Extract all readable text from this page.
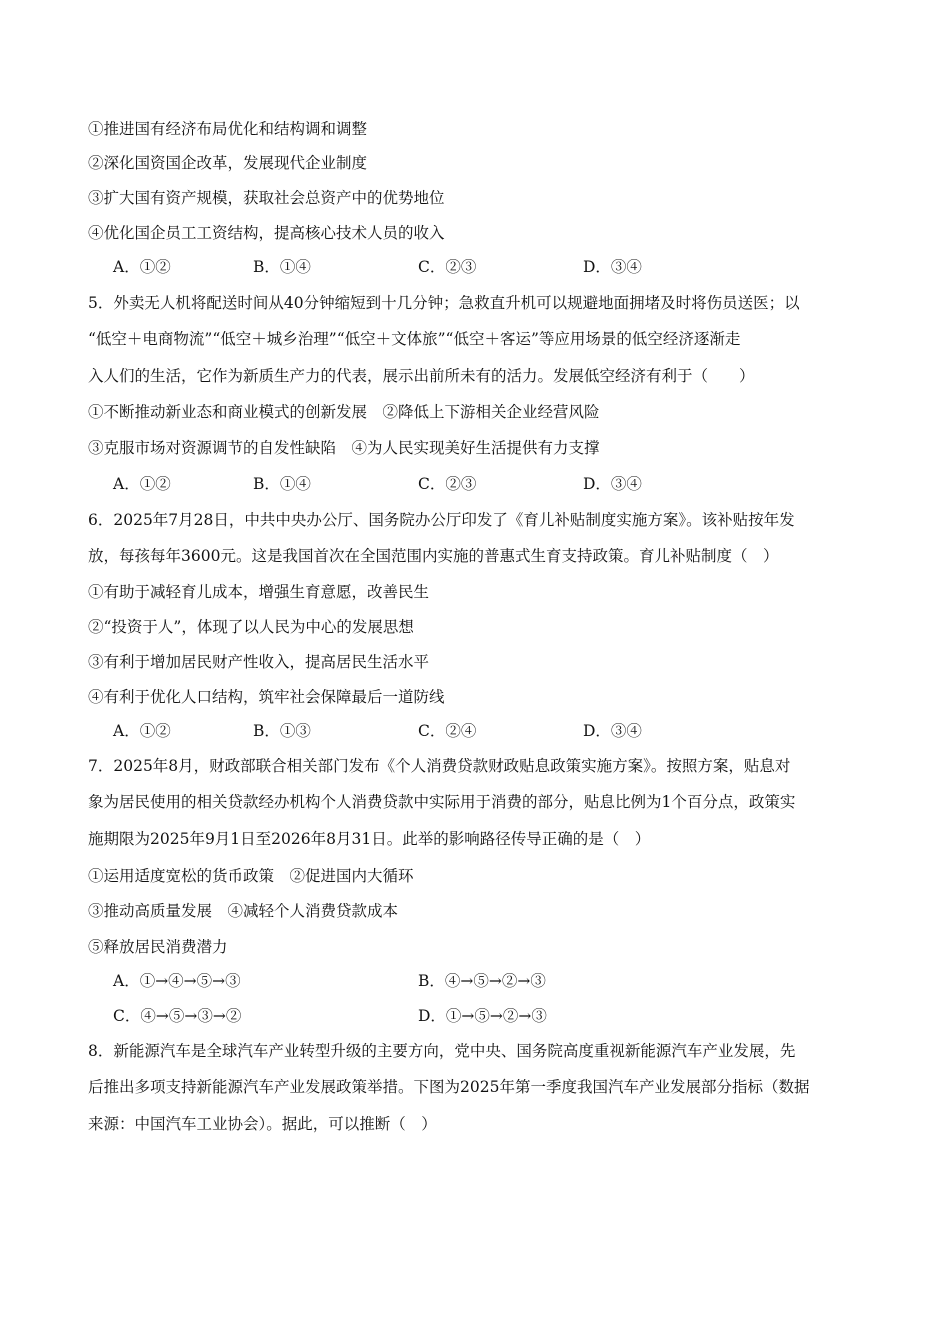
①推进国有经济布局优化和结构调和调整
②深化国资国企改革，发展现代企业制度
③扩大国有资产规模，获取社会总资产中的优势地位
④优化国企员工工资结构，提高核心技术人员的收入
A．①②	B．①④	C．②③	D．③④
5．外卖无人机将配送时间从40分钟缩短到十几分钟；急救直升机可以规避地面拥堵及时将伤员送医；以
“低空＋电商物流”“低空＋城乡治理”“低空＋文体旅”“低空＋客运”等应用场景的低空经济逐渐走
入人们的生活，它作为新质生产力的代表，展示出前所未有的活力。发展低空经济有利于（　　）
①不断推动新业态和商业模式的创新发展　②降低上下游相关企业经营风险
③克服市场对资源调节的自发性缺陷　④为人民实现美好生活提供有力支撑
A．①②	B．①④	C．②③	D．③④
6．2025年7月28日，中共中央办公厅、国务院办公厅印发了《育儿补贴制度实施方案》。该补贴按年发
放，每孩每年3600元。这是我国首次在全国范围内实施的普惠式生育支持政策。育儿补贴制度（　）
①有助于减轻育儿成本，增强生育意愿，改善民生
②“投资于人”，体现了以人民为中心的发展思想
③有利于增加居民财产性收入，提高居民生活水平
④有利于优化人口结构，筑牢社会保障最后一道防线
A．①②	B．①③	C．②④	D．③④
7．2025年8月，财政部联合相关部门发布《个人消费贷款财政贴息政策实施方案》。按照方案，贴息对
象为居民使用的相关贷款经办机构个人消费贷款中实际用于消费的部分，贴息比例为1个百分点，政策实
施期限为2025年9月1日至2026年8月31日。此举的影响路径传导正确的是（　）
①运用适度宽松的货币政策　②促进国内大循环
③推动高质量发展　④减轻个人消费贷款成本
⑤释放居民消费潜力
A．①→④→⑤→③	B．④→⑤→②→③
C．④→⑤→③→②	D．①→⑤→②→③
8．新能源汽车是全球汽车产业转型升级的主要方向，党中央、国务院高度重视新能源汽车产业发展，先
后推出多项支持新能源汽车产业发展政策举措。下图为2025年第一季度我国汽车产业发展部分指标（数据
来源：中国汽车工业协会）。据此，可以推断（　）
